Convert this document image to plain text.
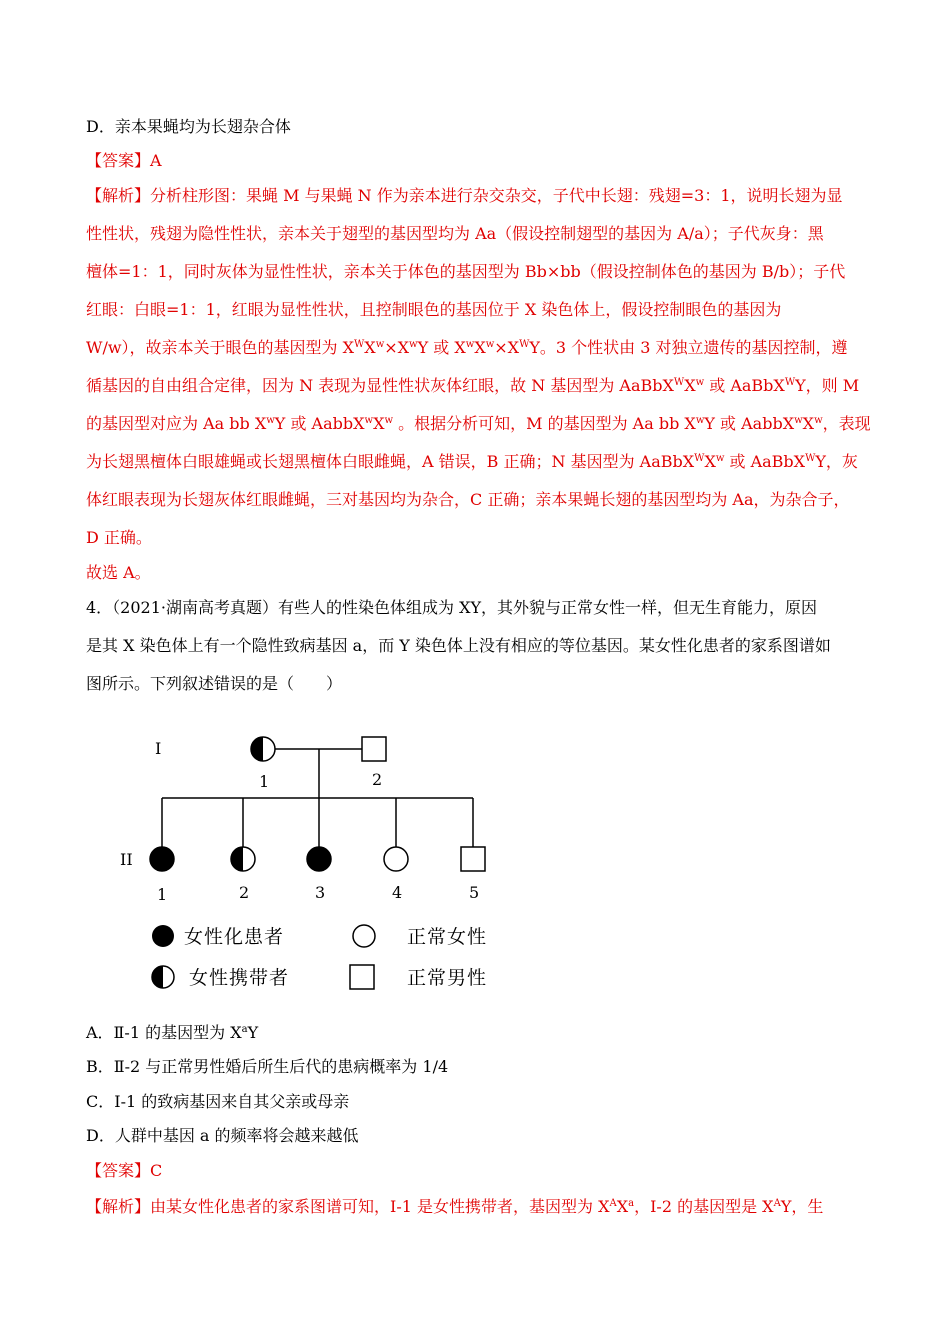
D．亲本果蝇均为长翅杂合体
【答案】A
【解析】分析柱形图：果蝇 M 与果蝇 N 作为亲本进行杂交杂交，子代中长翅：残翅=3：1，说明长翅为显
性性状，残翅为隐性性状，亲本关于翅型的基因型均为 Aa（假设控制翅型的基因为 A/a）；子代灰身：黑
檀体=1：1，同时灰体为显性性状，亲本关于体色的基因型为 Bb×bb（假设控制体色的基因为 B/b）；子代
红眼：白眼=1：1，红眼为显性性状，且控制眼色的基因位于 X 染色体上，假设控制眼色的基因为
W/w），故亲本关于眼色的基因型为 $X^WX^w\times X^wY$ 或 $X^wX^w\times X^WY$。3 个性状由 3 对独立遗传的基因控制，遵
循基因的自由组合定律，因为 N 表现为显性性状灰体红眼，故 N 基因型为 $AaBbX^WX^w$ 或 AaBbX$^W$Y，则 M
的基因型对应为 Aa bb $X^wY$ 或 $AabbX^wX^w$ 。根据分析可知，M 的基因型为 Aa bb $X^wY$ 或 $AabbX^wX^w$，表现
为长翅黑檀体白眼雄蝇或长翅黑檀体白眼雌蝇，A 错误，B 正确；N 基因型为 $AaBbX^WX^w$ 或 AaBbX$^W$Y，灰
体红眼表现为长翅灰体红眼雌蝇，三对基因均为杂合，C 正确；亲本果蝇长翅的基因型均为 Aa，为杂合子，
D 正确。
故选 A。
4．（2021·湖南高考真题）有些人的性染色体组成为 XY，其外貌与正常女性一样，但无生育能力，原因
是其 X 染色体上有一个隐性致病基因 a，而 Y 染色体上没有相应的等位基因。某女性化患者的家系图谱如
图所示。下列叙述错误的是（　　）
I
II
1	2
1	2	3	4	5
女性化患者	正常女性
女性携带者	正常男性
A．Ⅱ-1 的基因型为 $X^aY$
B．Ⅱ-2 与正常男性婚后所生后代的患病概率为 1/4
C．I-1 的致病基因来自其父亲或母亲
D．人群中基因 a 的频率将会越来越低
【答案】C
【解析】由某女性化患者的家系图谱可知，Ⅰ-1 是女性携带者，基因型为 $X^AX^a$，Ⅰ-2 的基因型是 $X^AY$，生
